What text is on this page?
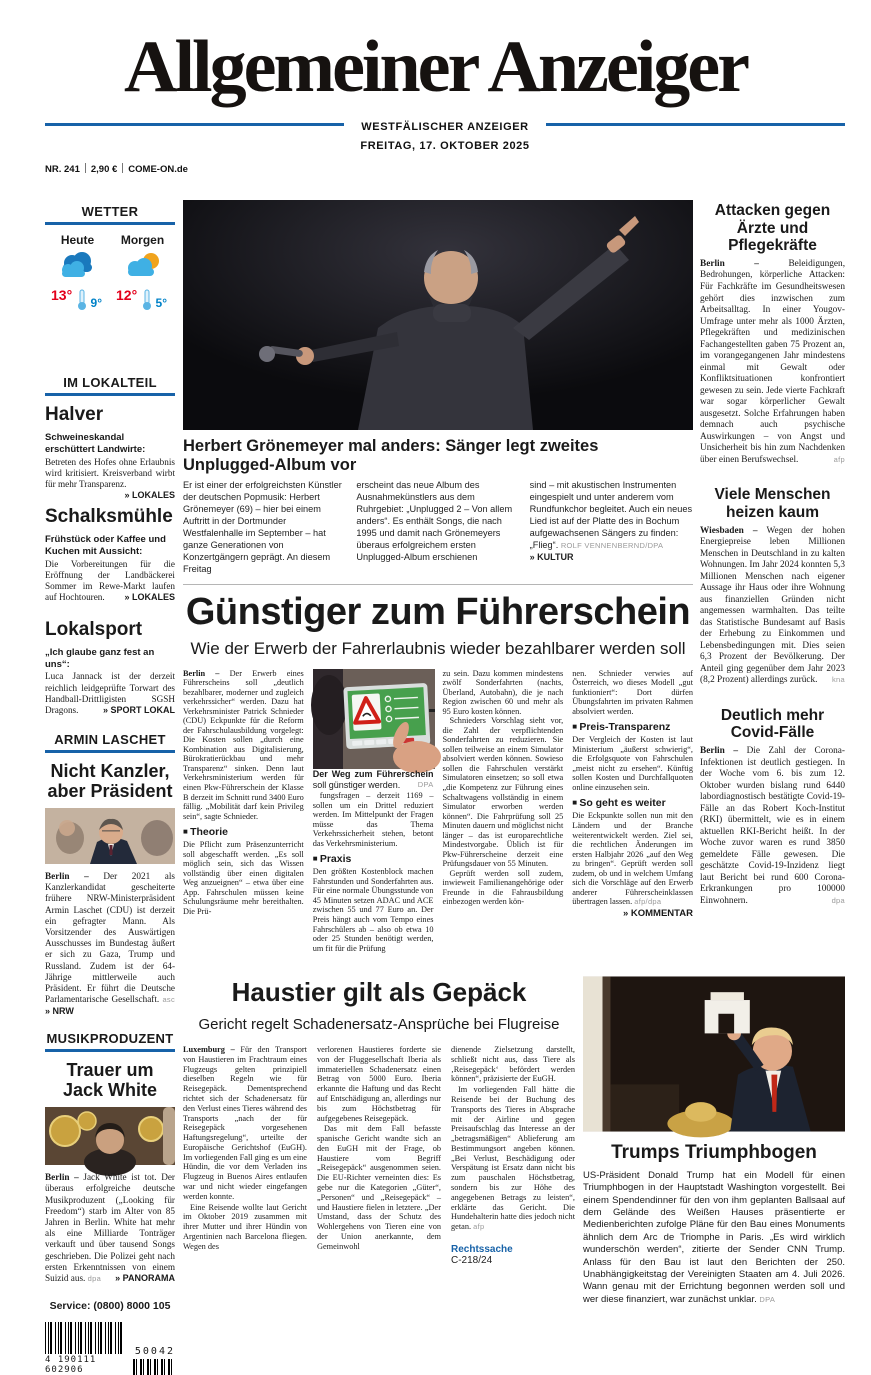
Allgemeiner Anzeiger
WESTFÄLISCHER ANZEIGER
FREITAG, 17. OKTOBER 2025
NR. 241 2,90 € COME-ON.de
WETTER
Heute
13° 9°
Morgen
12° 5°
IM LOKALTEIL
Halver

Schweineskandal erschüttert Landwirte:

Betreten des Hofes ohne Erlaubnis wird kritisiert. Kreisverband wirbt für mehr Transparenz.
» LOKALES

Schalksmühle

Frühstück oder Kaffee und Kuchen mit Aussicht:

Die Vorbereitungen für die Eröffnung der Landbäckerei Sommer im Rewe-Markt laufen auf Hochtouren. » LOKALES

Lokalsport

„Ich glaube ganz fest an uns“:

Luca Jannack ist der derzeit reichlich leidgeprüfte Torwart des Handball-Drittligisten SGSH Dragons.	» SPORT LOKAL

ARMIN LASCHET
Nicht Kanzler, aber Präsident

Berlin – Der 2021 als Kanzlerkandidat gescheiterte frühere NRW-Ministerpräsident Armin Laschet (CDU) ist derzeit ein gefragter Mann. Als Vorsitzender des Auswärtigen Ausschusses im Bundestag äußert er sich zu Gaza, Trump und Russland. Zudem ist der 64-Jährige mittlerweile auch Präsident. Er führt die Deutsche Parlamentarische Gesellschaft. asc » NRW

MUSIKPRODUZENT
Trauer um Jack White

Berlin – Jack White ist tot. Der überaus erfolgreiche deutsche Musikproduzent („Looking für Freedom“) starb im Alter von 85 Jahren in Berlin. White hat mehr als eine Milliarde Tonträger verkauft und über tausend Songs geschrieben. Die Polizei geht nach ersten Erkenntnissen von einem Suizid aus. dpa » PANORAMA

Service: (0800) 8000 105
4 190111 602906
50042
Herbert Grönemeyer mal anders: Sänger legt zweites Unplugged-Album vor
Er ist einer der erfolgreichsten Künstler der deutschen Popmusik: Herbert Grönemeyer (69) – hier bei einem Auftritt in der Dortmunder Westfalenhalle im September – hat ganze Generationen von Konzertgängern geprägt. An diesem Freitag
erscheint das neue Album des Ausnahmekünstlers aus dem Ruhrgebiet: „Unplugged 2 – Von allem anders“. Es enthält Songs, die nach 1995 und damit nach Grönemeyers überaus erfolgreichem ersten Unplugged-Album erschienen
sind – mit akustischen Instrumenten eingespielt und unter anderem vom Rundfunkchor begleitet. Auch ein neues Lied ist auf der Platte des in Bochum aufgewachsenen Sängers zu finden: „Flieg“. ROLF VENNENBERND/DPA » KULTUR
Günstiger zum Führerschein
Wie der Erwerb der Fahrerlaubnis wieder bezahlbarer werden soll

Berlin – Der Erwerb eines Führerscheins soll „deutlich bezahlbarer, moderner und zugleich verkehrssicher“ werden. Dazu hat Verkehrsminister Patrick Schnieder (CDU) Eckpunkte für die Reform der Fahrschulausbildung vorgelegt: Die Kosten sollen „durch eine Kombination aus Digitalisierung, Bürokratierückbau und mehr Transparenz“ sinken. Denn laut Verkehrsministerium werden für einen Pkw-Führerschein der Klasse B derzeit im Schnitt rund 3400 Euro fällig. „Mobilität darf kein Privileg sein“, sagte Schnieder.

■ Theorie

Die Pflicht zum Präsenzunterricht soll abgeschafft werden. „Es soll möglich sein, sich das Wissen vollständig über einen digitalen Weg anzueignen“ – etwa über eine App. Fahrschulen müssen keine Schulungsräume mehr bereithalten. Die Prü-

Der Weg zum Führerschein soll günstiger werden. DPA

fungsfragen – derzeit 1169 – sollen um ein Drittel reduziert werden. Im Mittelpunkt der Fragen müsse das Thema Verkehrssicherheit stehen, betont das Verkehrsministerium.

■ Praxis

Den größten Kostenblock machen Fahrstunden und Sonderfahrten aus. Für eine normale Übungsstunde von 45 Minuten setzen ADAC und ACE zwischen 55 und 77 Euro an. Der Preis hängt auch vom Tempo eines Fahrschülers ab – also ob etwa 10 oder 25 Stunden benötigt werden, um fit für die Prüfung

zu sein. Dazu kommen mindestens zwölf Sonderfahrten (nachts, Überland, Autobahn), die je nach Region zwischen 60 und mehr als 95 Euro kosten können.

Schnieders Vorschlag sieht vor, die Zahl der verpflichtenden Sonderfahrten zu reduzieren. Sie sollen teilweise an einem Simulator absolviert werden können. Sowieso sollen die Fahrschulen verstärkt Simulatoren einsetzen; so soll etwa „die Kompetenz zur Führung eines Schaltwagens vollständig in einem Simulator erworben werden können“. Die Fahrprüfung soll 25 Minuten dauern und möglichst nicht länger – das ist europarechtliche Mindestvorgabe. Üblich ist für Pkw-Führerscheine derzeit eine Prüfungsdauer von 55 Minuten.

Geprüft werden soll zudem, inwieweit Familienangehörige oder Freunde in die Fahrausbildung einbezogen werden kön-

nen. Schnieder verwies auf Österreich, wo dieses Modell „gut funktioniert“: Dort dürfen Übungsfahrten im privaten Rahmen absolviert werden.

■ Preis-Transparenz

Der Vergleich der Kosten ist laut Ministerium „äußerst schwierig“, die Erfolgsquote von Fahrschulen „meist nicht zu ersehen“. Künftig sollen Kosten und Durchfallquoten online einzusehen sein.

■ So geht es weiter

Die Eckpunkte sollen nun mit den Ländern und der Branche weiterentwickelt werden. Ziel sei, die rechtlichen Änderungen im ersten Halbjahr 2026 „auf den Weg zu bringen“. Geprüft werden soll zudem, ob und in welchem Umfang sich die Vorschläge auf den Erwerb anderer Führerscheinklassen übertragen lassen. afp/dpa

» KOMMENTAR
Attacken gegen Ärzte und Pflegekräfte

Berlin –	Beleidigungen, Bedrohungen, körperliche Attacken: Für Fachkräfte im Gesundheitswesen gehört dies inzwischen zum Arbeitsalltag. In einer Yougov-Umfrage unter mehr als 1000 Ärzten, Pflegekräften und medizinischen Fachangestellten gaben 75 Prozent an, im vorangegangenen Jahr mindestens einmal mit Gewalt oder Konfliktsituationen konfrontiert gewesen zu sein. Jede vierte Fachkraft war sogar körperlicher Gewalt ausgesetzt. Solche Erfahrungen haben demnach auch psychische Auswirkungen – von Angst und Unsicherheit bis hin zum Nachdenken über einen Berufswechsel.	afp

Viele Menschen heizen kaum

Wiesbaden – Wegen der hohen Energiepreise leben Millionen Menschen in Deutschland in zu kalten Wohnungen. Im Jahr 2024 konnten 5,3 Millionen Menschen nach eigener Aussage ihr Haus oder ihre Wohnung aus finanziellen Gründen nicht angemessen warmhalten. Das teilte das Statistische Bundesamt auf Basis der Erhebung zu Einkommen und Lebensbedingungen mit. Dies seien 6,3 Prozent der Bevölkerung. Der Anteil ging gegenüber dem Jahr 2023 (8,2 Prozent) allerdings zurück. kna

Deutlich mehr Covid-Fälle

Berlin – Die Zahl der Corona-Infektionen ist deutlich gestiegen. In der Woche vom 6. bis zum 12. Oktober wurden bislang rund 6440 labordiagnostisch bestätigte Covid-19-Fälle an das Robert Koch-Institut (RKI) übermittelt, wie es in einem aktuellen RKI-Bericht heißt. In der Woche zuvor waren es rund 3850 gemeldete Fälle gewesen. Die geschätzte Covid-19-Inzidenz liegt laut Bericht bei rund 600 Corona-Erkrankungen pro 100000 Einwohnern.	dpa

Haustier gilt als Gepäck
Gericht regelt Schadenersatz-Ansprüche bei Flugreise

Luxemburg – Für den Transport von Haustieren im Frachtraum eines Flugzeugs gelten prinzipiell dieselben Regeln wie für Reisegepäck. Dementsprechend richtet sich der Schadenersatz für den Verlust eines Tieres während des Transports „nach der für Reisegepäck vorgesehenen Haftungsregelung“, urteilte der Europäische Gerichtshof (EuGH). Im vorliegenden Fall ging es um eine Hündin, die vor dem Verladen ins Flugzeug in Buenos Aires entlaufen war und nicht wieder eingefangen werden konnte.

Eine Reisende wollte laut Gericht im Oktober 2019 zusammen mit ihrer Mutter und ihrer Hündin von Argentinien nach Barcelona fliegen. Wegen des

verlorenen Haustieres forderte sie von der Fluggesellschaft Iberia als immateriellen Schadenersatz einen Betrag von 5000 Euro. Iberia erkannte die Haftung und das Recht auf Entschädigung an, allerdings nur bis zum Höchstbetrag für aufgegebenes Reisegepäck.

Das mit dem Fall befasste spanische Gericht wandte sich an den EuGH mit der Frage, ob Haustiere vom Begriff „Reisegepäck“ ausgenommen seien. Die EU-Richter verneinten dies: Es gebe nur die Kategorien „Güter“, „Personen“ und „Reisegepäck“ – und Haustiere fielen in letztere. „Der Umstand, dass der Schutz des Wohlergehens von Tieren eine von der Union anerkannte, dem Gemeinwohl

dienende Zielsetzung darstellt, schließt nicht aus, dass Tiere als ‚Reisegepäck‘ befördert werden können“, präzisierte der EuGH.

Im vorliegenden Fall hätte die Reisende bei der Buchung des Transports des Tieres in Absprache mit der Airline und gegen Preisaufschlag das Interesse an der „betragsmäßigen“ Ablieferung am Bestimmungsort angeben können. „Bei Verlust, Beschädigung oder Verspätung ist Ersatz dann nicht bis zum pauschalen Höchstbetrag, sondern bis zur Höhe des angegebenen Betrags zu leisten“, erklärte das Gericht. Die Hundehalterin hatte dies jedoch nicht getan. afp

Rechtssache
C-218/24
Trumps Triumphbogen

US-Präsident Donald Trump hat ein Modell für einen Triumphbogen in der Hauptstadt Washington vorgestellt. Bei einem Spendendinner für den von ihm geplanten Ballsaal auf dem Gelände des Weißen Hauses präsentierte er Medienberichten zufolge Pläne für den Bau eines Monuments ähnlich dem Arc de Triomphe in Paris. „Es wird wirklich wunderschön werden“, zitierte der Sender CNN Trump. Anlass für den Bau ist laut den Berichten der 250. Unabhängigkeitstag der Vereinigten Staaten am 4. Juli 2026. Wann genau mit der Errichtung begonnen werden soll und wer diese finanziert, war zunächst unklar. DPA
